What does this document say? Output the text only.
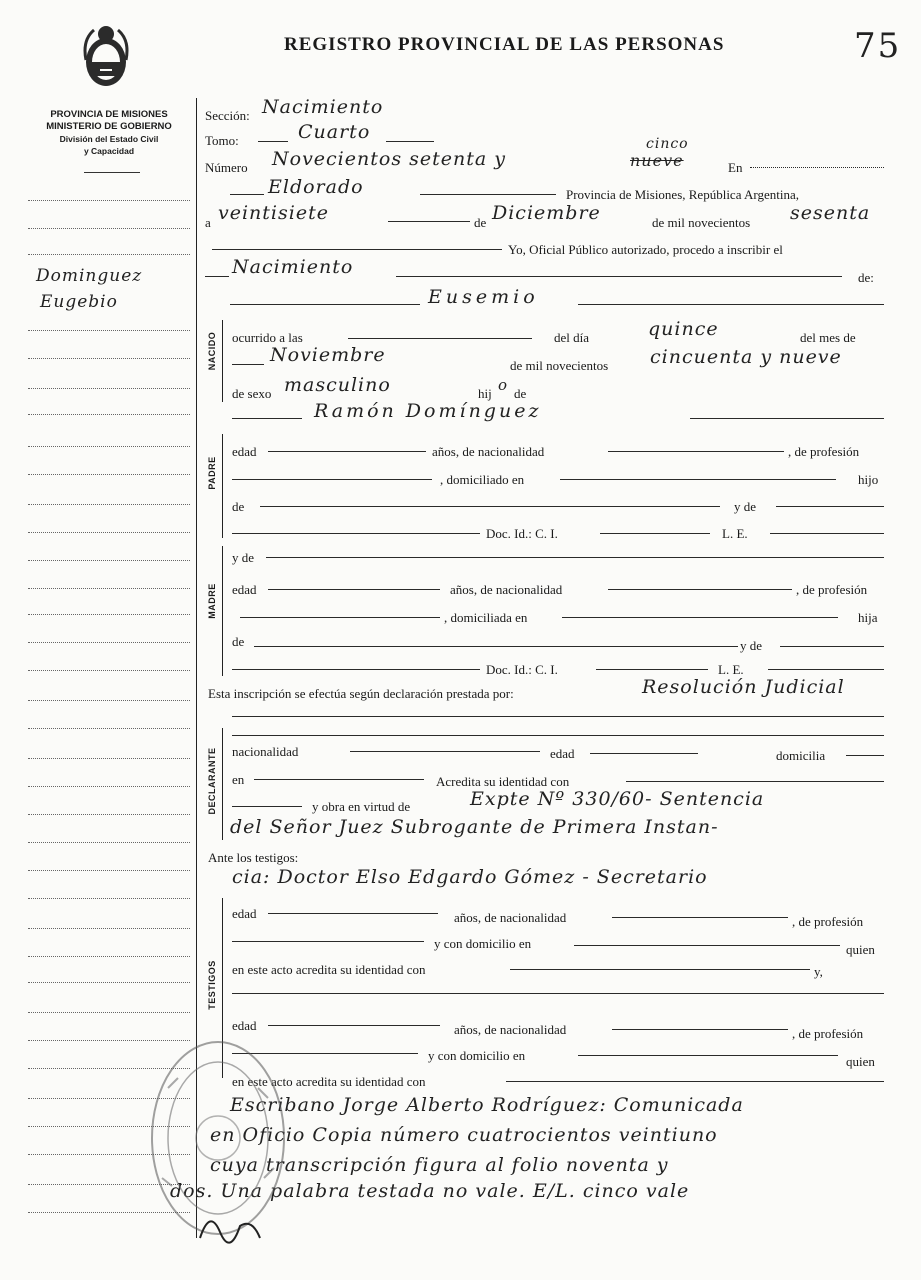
REGISTRO PROVINCIAL DE LAS PERSONAS	75
PROVINCIA DE MISIONES
MINISTERIO DE GOBIERNO
División del Estado Civil
y Capacidad
Dominguez
Eugebio
Sección: Nacimiento
Tomo:	Cuarto
Número Novecientos setenta y
cinco
nueve	En
Eldorado	Provincia de Misiones, República Argentina,
a veintisiete	de Diciembre	de mil novecientos sesenta
Yo, Oficial Público autorizado, procedo a inscribir el
Nacimiento	de:
Eusemio
NACIDO ocurrido a las	del día	quince	del mes de
Noviembre	de mil novecientos cincuenta y nueve
de sexo masculino	hij o de
Ramón Domínguez
PADRE
edad	años, de nacionalidad	, de profesión
, domiciliado en	hijo
de	y de
Doc. Id.: C. I.	L. E.
MADRE
y de
edad	años, de nacionalidad	, de profesión
, domiciliada en	hija
de	y de
Doc. Id.: C. I.	L. E.
Esta inscripción se efectúa según declaración prestada por:	Resolución Judicial
DECLARANTE nacionalidad	edad	domicilia
en	Acredita su identidad con
y obra en virtud de	Expte Nº 330/60- Sentencia
del Señor Juez Subrogante de Primera Instan-
Ante los testigos:
cia: Doctor Elso Edgardo Gómez - Secretario
TESTIGOS
edad	años, de nacionalidad	, de profesión
y con domicilio en	quien
en este acto acredita su identidad con	y,
edad	años, de nacionalidad	, de profesión
y con domicilio en	quien
en este acto acredita su identidad con
Escribano Jorge Alberto Rodríguez: Comunicada
en Oficio Copia número cuatrocientos veintiuno
cuya transcripción figura al folio noventa y
dos. Una palabra testada no vale. E/L. cinco vale
